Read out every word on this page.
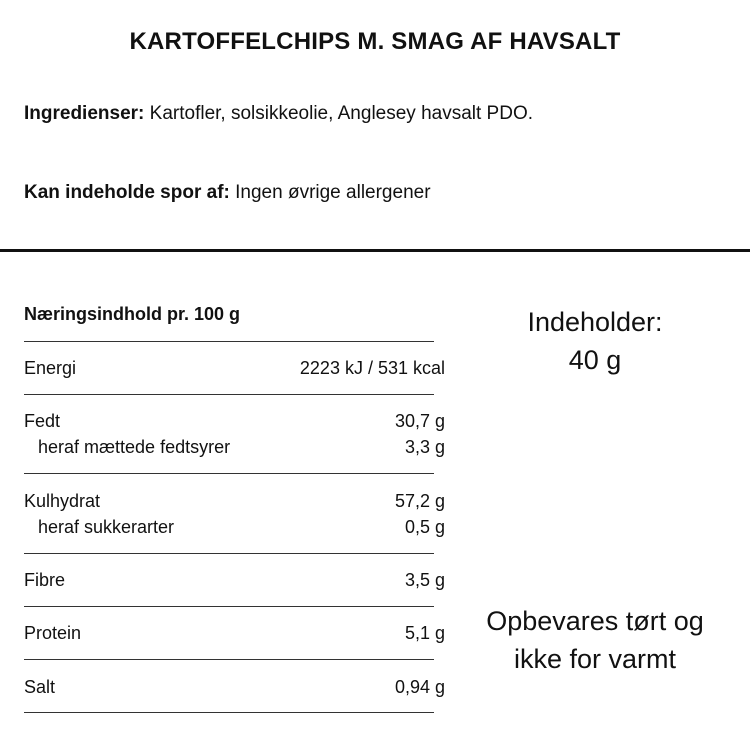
KARTOFFELCHIPS M. SMAG AF HAVSALT
Ingredienser: Kartofler, solsikkeolie, Anglesey havsalt PDO.
Kan indeholde spor af: Ingen øvrige allergener
Næringsindhold pr. 100 g
Energi	2223 kJ / 531 kcal
Fedt	30,7 g
heraf mættede fedtsyrer	3,3 g
Kulhydrat	57,2 g
heraf sukkerarter	0,5 g
Fibre	3,5 g
Protein	5,1 g
Salt	0,94 g
Indeholder:
40 g
Opbevares tørt og
ikke for varmt
